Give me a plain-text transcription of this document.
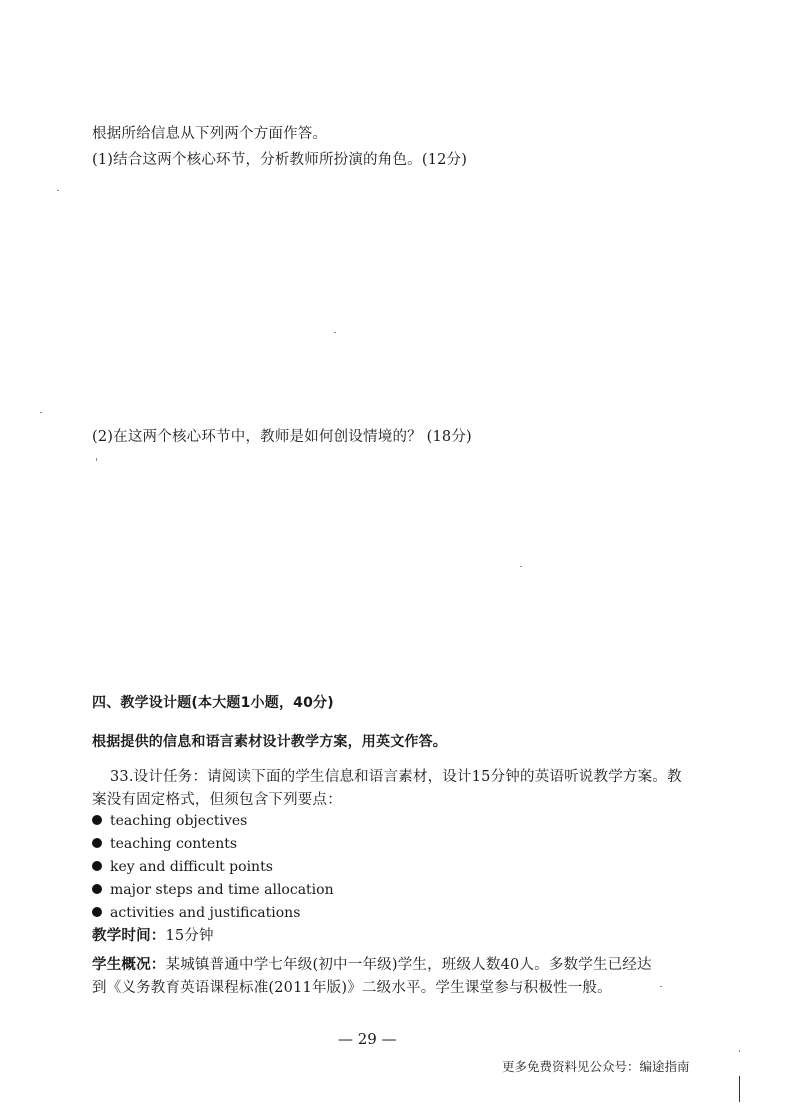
根据所给信息从下列两个方面作答。
(1)结合这两个核心环节，分析教师所扮演的角色。(12分)
(2)在这两个核心环节中，教师是如何创设情境的？ (18分)
四、教学设计题(本大题1小题，40分)
根据提供的信息和语言素材设计教学方案，用英文作答。
33.设计任务：请阅读下面的学生信息和语言素材，设计15分钟的英语听说教学方案。教
案没有固定格式，但须包含下列要点：
teaching objectives
teaching contents
key and difficult points
major steps and time allocation
activities and justifications
教学时间：15分钟
学生概况：某城镇普通中学七年级(初中一年级)学生，班级人数40人。多数学生已经达
到《义务教育英语课程标准(2011年版)》二级水平。学生课堂参与积极性一般。
— 29 —
更多免费资料见公众号：编途指南
